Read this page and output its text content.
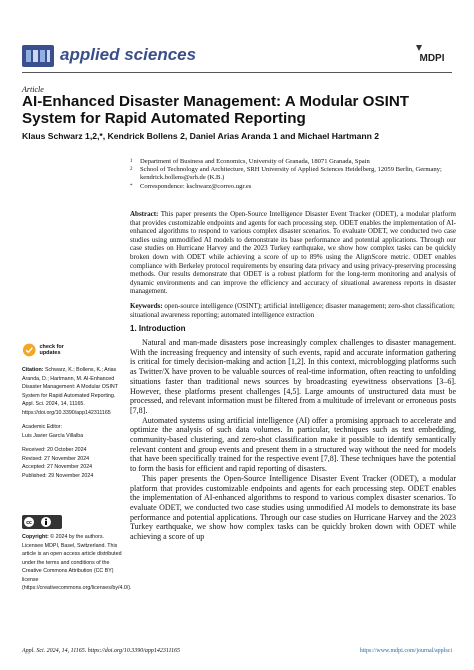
applied sciences	MDPI
Article
AI-Enhanced Disaster Management: A Modular OSINT System for Rapid Automated Reporting
Klaus Schwarz 1,2,*, Kendrick Bollens 2, Daniel Arias Aranda 1 and Michael Hartmann 2
1	Department of Business and Economics, University of Granada, 18071 Granada, Spain
2	School of Technology and Architecture, SRH University of Applied Sciences Heidelberg, 12059 Berlin, Germany; kendrick.bollens@srh.de (K.B.)
*	Correspondence: kschwarz@correo.ugr.es
Abstract: This paper presents the Open-Source Intelligence Disaster Event Tracker (ODET), a modular platform that provides customizable endpoints and agents for each processing step. ODET enables the implementation of AI-enhanced algorithms to respond to various complex disaster scenarios. To evaluate ODET, we conducted two case studies using unmodified AI models to demonstrate its base performance and potential applications. Through our case studies on Hurricane Harvey and the 2023 Turkey earthquake, we show how complex tasks can be quickly broken down with ODET while achieving a score of up to 89% using the AlignScore metric. ODET enables compliance with Berkeley protocol requirements by ensuring data privacy and using privacy-preserving processing methods. Our results demonstrate that ODET is a robust platform for the long-term monitoring and analysis of dynamic environments and can improve the efficiency and accuracy of situational awareness reports in disaster management.
Keywords: open-source intelligence (OSINT); artificial intelligence; disaster management; zero-shot classification; situational awareness reporting; automated intelligence extraction
check for updates

Citation: Schwarz, K.; Bollens, K.; Arias Aranda, D.; Hartmann, M. AI-Enhanced Disaster Management: A Modular OSINT System for Rapid Automated Reporting. Appl. Sci. 2024, 14, 11165. https://doi.org/10.3390/app142311165

Academic Editor:
Luis Javier García Villalba

Received: 20 October 2024
Revised: 27 November 2024
Accepted: 27 November 2024
Published: 29 November 2024

cc

Copyright: © 2024 by the authors. Licensee MDPI, Basel, Switzerland. This article is an open access article distributed under the terms and conditions of the Creative Commons Attribution (CC BY) license (https://creativecommons.org/licenses/by/4.0/).

1. Introduction

Natural and man-made disasters pose increasingly complex challenges to disaster management. With the increasing frequency and intensity of such events, rapid and accurate information gathering is critical for timely decision-making and action [1,2]. In this context, microblogging platforms such as Twitter/X have proven to be valuable sources of real-time information, often reacting to unfolding situations faster than traditional news sources by broadcasting eyewitness observations [3–6]. However, these platforms present challenges [4,5]. Large amounts of unstructured data must be processed, and relevant information must be filtered from a multitude of irrelevant or erroneous posts [7,8].

Automated systems using artificial intelligence (AI) offer a promising approach to accelerate and optimize the analysis of such data volumes. In particular, techniques such as text embedding, community-based clustering, and zero-shot classification make it possible to identify semantically relevant content and group events and present them in a structured way without the need for models that have been specifically trained for the respective event [7,8]. These techniques have the potential to form the basis for efficient and rapid reporting of disasters.

This paper presents the Open-Source Intelligence Disaster Event Tracker (ODET), a modular platform that provides customizable endpoints and agents for each processing step. ODET enables the implementation of AI-enhanced algorithms to respond to various complex disaster scenarios. To evaluate ODET, we conducted two case studies using unmodified AI models to demonstrate its base performance and potential applications. Through our case studies on Hurricane Harvey and the 2023 Turkey earthquake, we show how complex tasks can be quickly broken down with ODET while achieving a score of up

Appl. Sci. 2024, 14, 11165. https://doi.org/10.3390/app142311165	https://www.mdpi.com/journal/applsci
